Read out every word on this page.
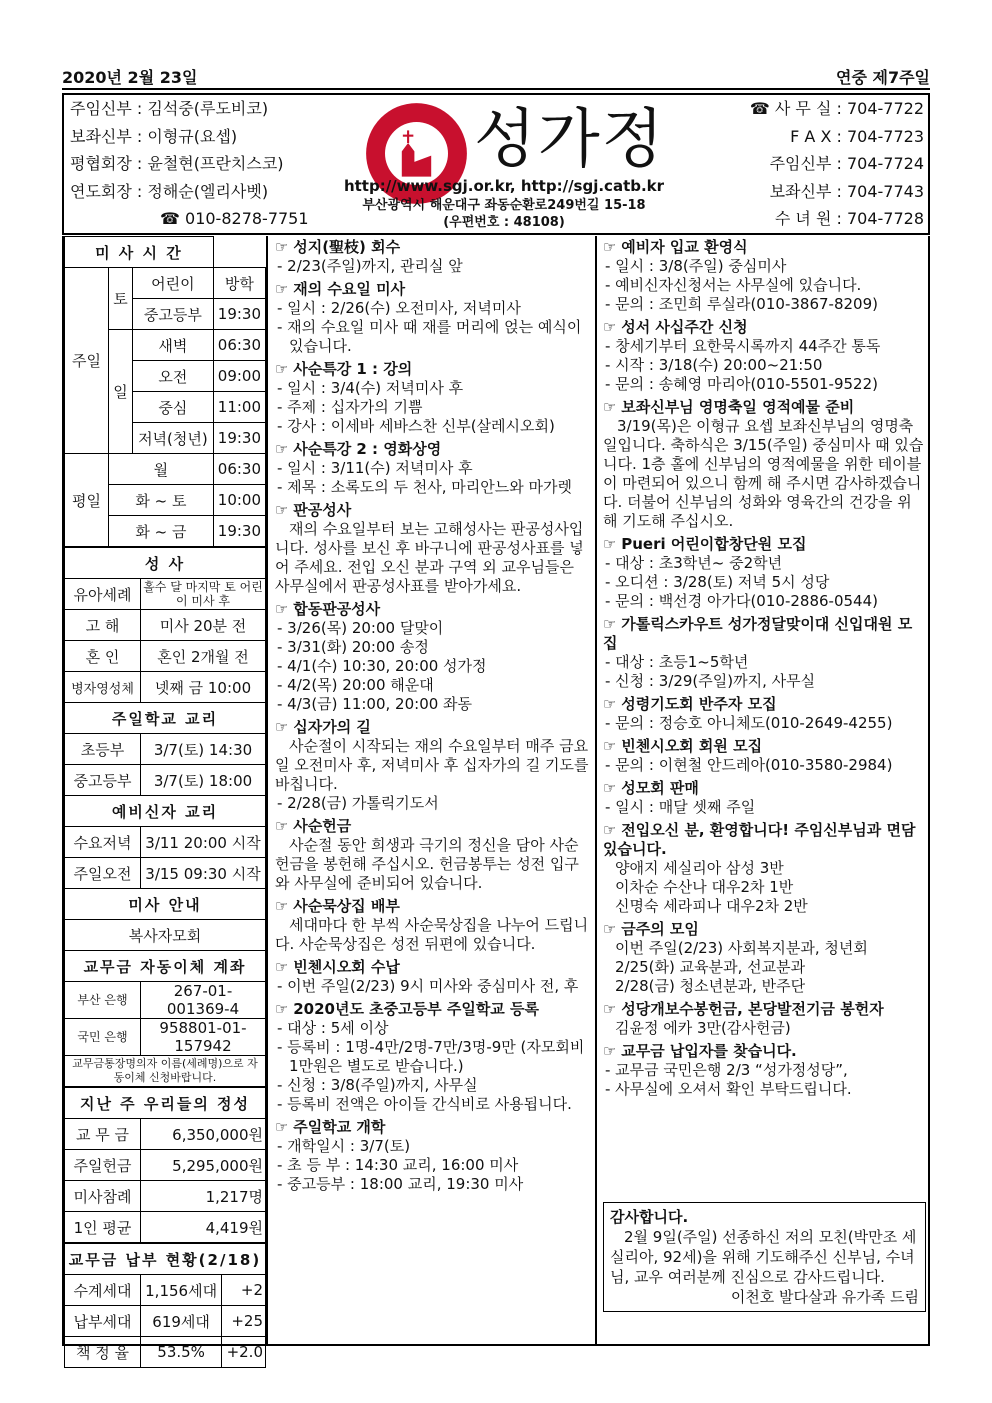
2020년 2월 23일	연중 제7주일
주임신부 : 김석중(루도비코)
보좌신부 : 이형규(요셉)
평협회장 : 윤철현(프란치스코)
연도회장 : 정해순(엘리사벳)
☎ 010-8278-7751
성가정
http://www.sgj.or.kr, http://sgj.catb.kr
부산광역시 해운대구 좌동순환로249번길 15-18
(우편번호 : 48108)
☎ 사 무 실 : 704-7722
F A X : 704-7723
주임신부 : 704-7724
보좌신부 : 704-7743
수 녀 원 : 704-7728
미 사 시 간			
주일	토	어린이	방학
		중고등부	19:30
	일	새벽	06:30
		오전	09:00
		중심	11:00
		저녁(청년)	19:30
평일	월		06:30
	화 ~ 토		10:00
	화 ~ 금		19:30
성 사	
유아세례	홀수 달 마지막 토 어린이 미사 후
고 해	미사 20분 전
혼 인	혼인 2개월 전
병자영성체	넷째 금 10:00
주일학교 교리	
초등부	3/7(토) 14:30
중고등부	3/7(토) 18:00
예비신자 교리	
수요저녁	3/11 20:00 시작
주일오전	3/15 09:30 시작
미사 안내	
복사자모회	
교무금 자동이체 계좌	
부산 은행	267-01-001369-4
국민 은행	958801-01-157942
교무금통장명의자 이름(세례명)으로 자동이체 신청바랍니다.	
지난 주 우리들의 정성	
교 무 금	6,350,000원
주일헌금	5,295,000원
미사참례	1,217명
1인 평균	4,419원
교무금 납부 현황(2/18)		
수계세대	1,156세대	+2
납부세대	619세대	+25
책 정 율	53.5%	+2.0
☞ 성지(聖枝) 회수
- 2/23(주일)까지, 관리실 앞
☞ 재의 수요일 미사
- 일시 : 2/26(수) 오전미사, 저녁미사
- 재의 수요일 미사 때 재를 머리에 얹는 예식이 있습니다.
☞ 사순특강 1 : 강의
- 일시 : 3/4(수) 저녁미사 후
- 주제 : 십자가의 기쁨
- 강사 : 이세바 세바스찬 신부(살레시오회)
☞ 사순특강 2 : 영화상영
- 일시 : 3/11(수) 저녁미사 후
- 제목 : 소록도의 두 천사, 마리안느와 마가렛
☞ 판공성사
재의 수요일부터 보는 고해성사는 판공성사입니다. 성사를 보신 후 바구니에 판공성사표를 넣어 주세요. 전입 오신 분과 구역 외 교우님들은 사무실에서 판공성사표를 받아가세요.
☞ 합동판공성사
- 3/26(목) 20:00 달맞이
- 3/31(화) 20:00 송정
- 4/1(수) 10:30, 20:00 성가정
- 4/2(목) 20:00 해운대
- 4/3(금) 11:00, 20:00 좌동
☞ 십자가의 길
사순절이 시작되는 재의 수요일부터 매주 금요일 오전미사 후, 저녁미사 후 십자가의 길 기도를 바칩니다.
- 2/28(금) 가톨릭기도서
☞ 사순헌금
사순절 동안 희생과 극기의 정신을 담아 사순헌금을 봉헌해 주십시오. 헌금봉투는 성전 입구와 사무실에 준비되어 있습니다.
☞ 사순묵상집 배부
세대마다 한 부씩 사순묵상집을 나누어 드립니다. 사순묵상집은 성전 뒤편에 있습니다.
☞ 빈첸시오회 수납
- 이번 주일(2/23) 9시 미사와 중심미사 전, 후
☞ 2020년도 초중고등부 주일학교 등록
- 대상 : 5세 이상
- 등록비 : 1명-4만/2명-7만/3명-9만 (자모회비 1만원은 별도로 받습니다.)
- 신청 : 3/8(주일)까지, 사무실
- 등록비 전액은 아이들 간식비로 사용됩니다.
☞ 주일학교 개학
- 개학일시 : 3/7(토)
- 초 등 부 : 14:30 교리, 16:00 미사
- 중고등부 : 18:00 교리, 19:30 미사
☞ 예비자 입교 환영식
- 일시 : 3/8(주일) 중심미사
- 예비신자신청서는 사무실에 있습니다.
- 문의 : 조민희 루실라(010-3867-8209)
☞ 성서 사십주간 신청
- 창세기부터 요한묵시록까지 44주간 통독
- 시작 : 3/18(수) 20:00~21:50
- 문의 : 송혜영 마리아(010-5501-9522)
☞ 보좌신부님 영명축일 영적예물 준비
3/19(목)은 이형규 요셉 보좌신부님의 영명축일입니다. 축하식은 3/15(주일) 중심미사 때 있습니다. 1층 홀에 신부님의 영적예물을 위한 테이블이 마련되어 있으니 함께 해 주시면 감사하겠습니다. 더불어 신부님의 성화와 영육간의 건강을 위해 기도해 주십시오.
☞ Pueri 어린이합창단원 모집
- 대상 : 초3학년~ 중2학년
- 오디션 : 3/28(토) 저녁 5시 성당
- 문의 : 백선경 아가다(010-2886-0544)
☞ 가톨릭스카우트 성가정달맞이대 신입대원 모집
- 대상 : 초등1~5학년
- 신청 : 3/29(주일)까지, 사무실
☞ 성령기도회 반주자 모집
- 문의 : 정승호 아니체도(010-2649-4255)
☞ 빈첸시오회 회원 모집
- 문의 : 이현철 안드레아(010-3580-2984)
☞ 성모회 판매
- 일시 : 매달 셋째 주일
☞ 전입오신 분, 환영합니다! 주임신부님과 면담 있습니다.
양애지 세실리아 삼성 3반
이차순 수산나 대우2차 1반
신명숙 세라피나 대우2차 2반
☞ 금주의 모임
이번 주일(2/23) 사회복지분과, 청년회
2/25(화) 교육분과, 선교분과
2/28(금) 청소년분과, 반주단
☞ 성당개보수봉헌금, 본당발전기금 봉헌자
김윤정 에카 3만(감사헌금)
☞ 교무금 납입자를 찾습니다.
- 교무금 국민은행 2/3 “성가정성당”,
- 사무실에 오셔서 확인 부탁드립니다.
감사합니다.
2월 9일(주일) 선종하신 저의 모친(박만조 세실리아, 92세)을 위해 기도해주신 신부님, 수녀님, 교우 여러분께 진심으로 감사드립니다.
이천호 발다살과 유가족 드림
